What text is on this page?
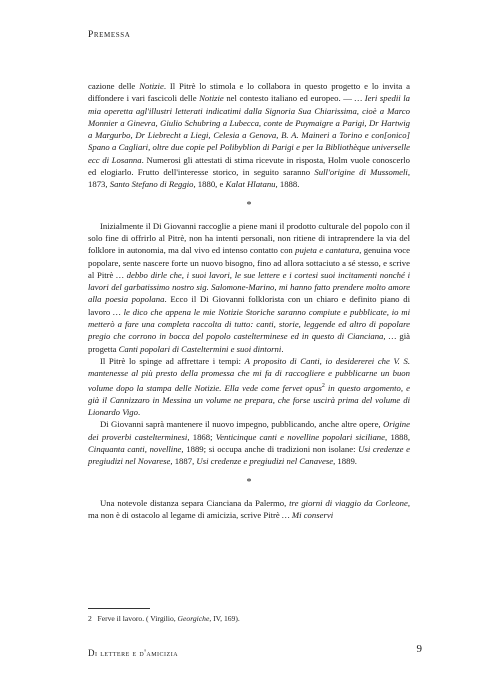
Premessa

cazione delle Notizie. Il Pitrè lo stimola e lo collabora in questo progetto e lo invita a diffondere i vari fascicoli delle Notizie nel contesto italiano ed europeo. — … Ieri spedii la mia operetta agl'illustri letterati indicatimi dalla Signoria Sua Chiarissima, cioè a Marco Monnier a Ginevra, Giulio Schubring a Lubecca, conte de Puymaigre a Parigi, Dr Hartwig a Margurbo, Dr Liebrecht a Liegi, Celesia a Genova, B. A. Maineri a Torino e con[onico] Spano a Cagliari, oltre due copie pel Polibyblion di Parigi e per la Bibliothèque universelle ecc di Losanna. Numerosi gli attestati di stima ricevute in risposta, Holm vuole conoscerlo ed elogiarlo. Frutto dell'interesse storico, in seguito saranno Sull'origine di Mussomeli, 1873, Santo Stefano di Reggio, 1880, e Kalat Hlatanu, 1888.

*

Inizialmente il Di Giovanni raccoglie a piene mani il prodotto culturale del popolo con il solo fine di offrirlo al Pitrè, non ha intenti personali, non ritiene di intraprendere la via del folklore in autonomia, ma dal vivo ed intenso contatto con pujeta e cantatura, genuina voce popolare, sente nascere forte un nuovo bisogno, fino ad allora sottaciuto a sé stesso, e scrive al Pitrè … debbo dirle che, i suoi lavori, le sue lettere e i cortesi suoi incitamenti nonché i lavori del garbatissimo nostro sig. Salomone-Marino, mi hanno fatto prendere molto amore alla poesia popolana. Ecco il Di Giovanni folklorista con un chiaro e definito piano di lavoro … le dico che appena le mie Notizie Storiche saranno compiute e pubblicate, io mi metterò a fare una completa raccolta di tutto: canti, storie, leggende ed altro di popolare pregio che corrono in bocca del popolo castelterminese ed in questo di Cianciana, … già progetta Canti popolari di Casteltermini e suoi dintorni.

Il Pitrè lo spinge ad affrettare i tempi: A proposito di Canti, io desidererei che V. S. mantenesse al più presto della promessa che mi fa di raccogliere e pubblicarne un buon volume dopo la stampa delle Notizie. Ella vede come fervet opus$^2$ in questo argomento, e già il Cannizzaro in Messina un volume ne prepara, che forse uscirà prima del volume di Lionardo Vigo.

Di Giovanni saprà mantenere il nuovo impegno, pubblicando, anche altre opere, Origine dei proverbi castelterminesi, 1868; Venticinque canti e novelline popolari siciliane, 1888, Cinquanta canti, novelline, 1889; si occupa anche di tradizioni non isolane: Usi credenze e pregiudizi nel Novarese, 1887, Usi credenze e pregiudizi nel Canavese, 1889.

*

Una notevole distanza separa Cianciana da Palermo, tre giorni di viaggio da Corleone, ma non è di ostacolo al legame di amicizia, scrive Pitrè … Mi conservi

2   Ferve il lavoro. ( Virgilio, Georgiche, IV, 169).
Di lettere e d'amicizia	9
